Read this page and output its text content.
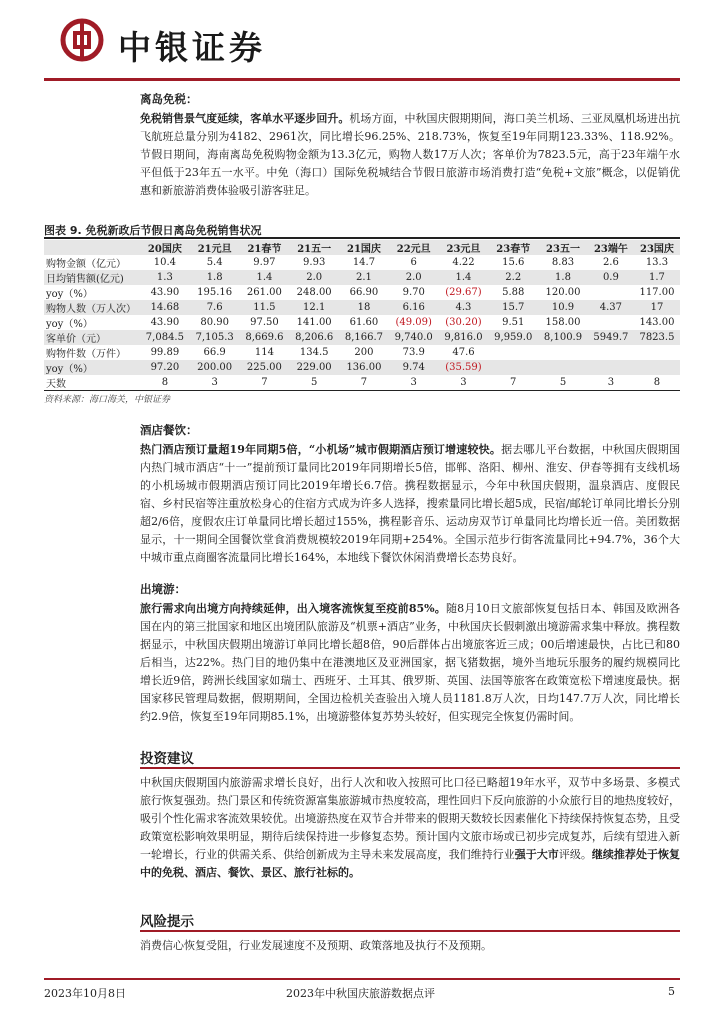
中银证券
离岛免税：

免税销售景气度延续，客单水平逐步回升。机场方面，中秋国庆假期期间，海口美兰机场、三亚凤凰机场进出抗飞航班总量分别为4182、2961次，同比增长96.25%、218.73%，恢复至19年同期123.33%、118.92%。节假日期间，海南离岛免税购物金额为13.3亿元，购物人数17万人次；客单价为7823.5元，高于23年端午水平但低于23年五一水平。中免（海口）国际免税城结合节假日旅游市场消费打造“免税+文旅”概念，以促销优惠和新旅游消费体验吸引游客驻足。

图表 9. 免税新政后节假日离岛免税销售状况
	20国庆	21元旦	21春节	21五一	21国庆	22元旦	23元旦	23春节	23五一	23端午	23国庆
购物金额（亿元）	10.4	5.4	9.97	9.93	14.7	6	4.22	15.6	8.83	2.6	13.3
日均销售额(亿元)	1.3	1.8	1.4	2.0	2.1	2.0	1.4	2.2	1.8	0.9	1.7
yoy（%）	43.90	195.16	261.00	248.00	66.90	9.70	(29.67)	5.88	120.00		117.00
购物人数（万人次）	14.68	7.6	11.5	12.1	18	6.16	4.3	15.7	10.9	4.37	17
yoy（%）	43.90	80.90	97.50	141.00	61.60	(49.09)	(30.20)	9.51	158.00		143.00
客单价（元）	7,084.5	7,105.3	8,669.6	8,206.6	8,166.7	9,740.0	9,816.0	9,959.0	8,100.9	5949.7	7823.5
购物件数（万件）	99.89	66.9	114	134.5	200	73.9	47.6				
yoy（%）	97.20	200.00	225.00	229.00	136.00	9.74	(35.59)				
天数	8	3	7	5	7	3	3	7	5	3	8
资料来源：海口海关，中银证券
酒店餐饮：

热门酒店预订量超19年同期5倍，“小机场”城市假期酒店预订增速较快。据去哪儿平台数据，中秋国庆假期国内热门城市酒店“十一”提前预订量同比2019年同期增长5倍，邯郸、洛阳、柳州、淮安、伊春等拥有支线机场的小机场城市假期酒店预订同比2019年增长6.7倍。携程数据显示，今年中秋国庆假期，温泉酒店、度假民宿、乡村民宿等注重放松身心的住宿方式成为许多人选择，搜索量同比增长超5成，民宿/邮轮订单同比增长分别超2/6倍，度假农庄订单量同比增长超过155%，携程影音乐、运动房双节订单量同比均增长近一倍。美团数据显示，十一期间全国餐饮堂食消费规模较2019年同期+254%。全国示范步行街客流量同比+94.7%，36个大中城市重点商圈客流量同比增长164%，本地线下餐饮休闲消费增长态势良好。

出境游：

旅行需求向出境方向持续延伸，出入境客流恢复至疫前85%。随8月10日文旅部恢复包括日本、韩国及欧洲各国在内的第三批国家和地区出境团队旅游及“机票+酒店”业务，中秋国庆长假刺激出境游需求集中释放。携程数据显示，中秋国庆假期出境游订单同比增长超8倍，90后群体占出境旅客近三成；00后增速最快，占比已和80后相当，达22%。热门目的地仍集中在港澳地区及亚洲国家，据飞猪数据，境外当地玩乐服务的履约规模同比增长近9倍，跨洲长线国家如瑞士、西班牙、土耳其、俄罗斯、英国、法国等旅客在政策宽松下增速度最快。据国家移民管理局数据，假期期间，全国边检机关查验出入境人员1181.8万人次，日均147.7万人次，同比增长约2.9倍，恢复至19年同期85.1%，出境游整体复苏势头较好，但实现完全恢复仍需时间。

投资建议

中秋国庆假期国内旅游需求增长良好，出行人次和收入按照可比口径已略超19年水平，双节中多场景、多模式旅行恢复强劲。热门景区和传统资源富集旅游城市热度较高，理性回归下反向旅游的小众旅行目的地热度较好，吸引个性化需求客流效果较优。出境游热度在双节合并带来的假期天数较长因素催化下持续保持恢复态势，且受政策宽松影响效果明显，期待后续保持进一步修复态势。预计国内文旅市场或已初步完成复苏，后续有望进入新一轮增长，行业的供需关系、供给创新成为主导未来发展高度，我们维持行业强于大市评级。继续推荐处于恢复中的免税、酒店、餐饮、景区、旅行社标的。

风险提示

消费信心恢复受阻，行业发展速度不及预期、政策落地及执行不及预期。

2023年10月8日	2023年中秋国庆旅游数据点评	5
